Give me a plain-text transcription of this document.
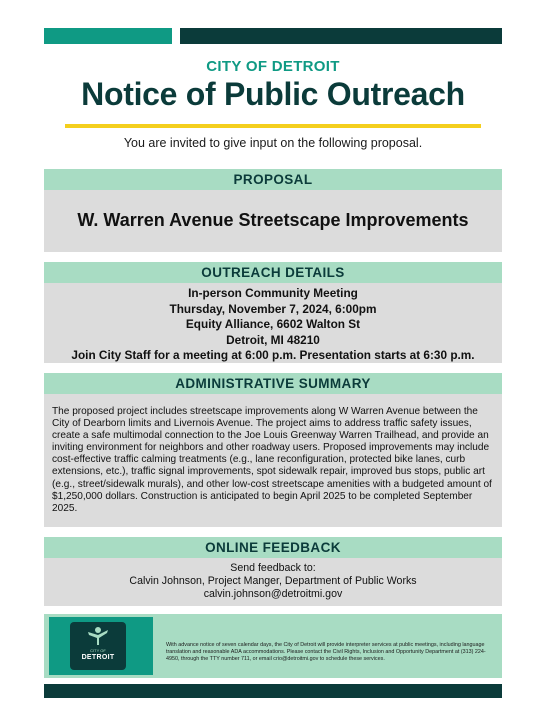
CITY OF DETROIT
Notice of Public Outreach
You are invited to give input on the following proposal.
PROPOSAL
W. Warren Avenue Streetscape Improvements
OUTREACH DETAILS
In-person Community Meeting
Thursday, November 7, 2024, 6:00pm
Equity Alliance, 6602 Walton St
Detroit, MI 48210
Join City Staff for a meeting at 6:00 p.m. Presentation starts at 6:30 p.m.
ADMINISTRATIVE SUMMARY
The proposed project includes streetscape improvements along W Warren Avenue between the City of Dearborn limits and Livernois Avenue. The project aims to address traffic safety issues, create a safe multimodal connection to the Joe Louis Greenway Warren Trailhead, and provide an inviting environment for neighbors and other roadway users. Proposed improvements may include cost-effective traffic calming treatments (e.g., lane reconfiguration, protected bike lanes, curb extensions, etc.), traffic signal improvements, spot sidewalk repair, improved bus stops, public art (e.g., street/sidewalk murals), and other low-cost streetscape amenities with a budgeted amount of $1,250,000 dollars. Construction is anticipated to begin April 2025 to be completed September 2025.
ONLINE FEEDBACK
Send feedback to:
Calvin Johnson, Project Manger, Department of Public Works
calvin.johnson@detroitmi.gov
CITY OF
DETROIT
With advance notice of seven calendar days, the City of Detroit will provide interpreter services at public meetings, including language translation and reasonable ADA accommodations. Please contact the Civil Rights, Inclusion and Opportunity Department at (313) 224-4950, through the TTY number 711, or email crio@detroitmi.gov to schedule these services.
